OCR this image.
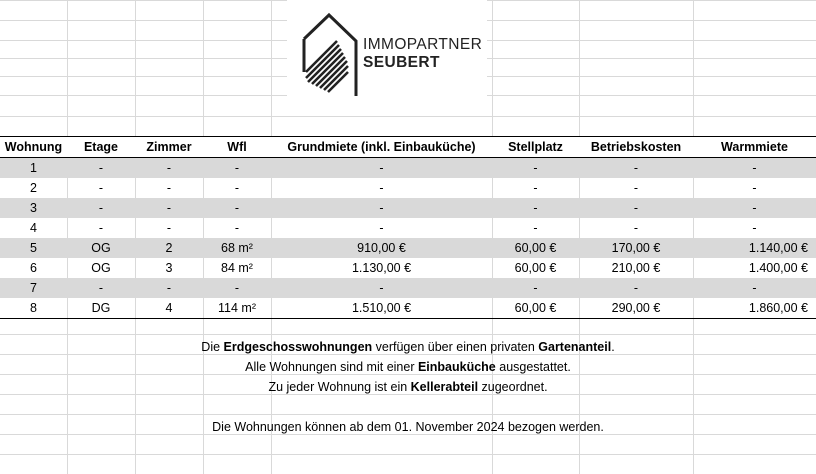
IMMOPARTNER
SEUBERT
Wohnung	Etage	Zimmer	Wfl	Grundmiete (inkl. Einbauküche)	Stellplatz	Betriebskosten	Warmmiete
1	-	-	-	-	-	-	-
2	-	-	-	-	-	-	-
3	-	-	-	-	-	-	-
4	-	-	-	-	-	-	-
5	OG	2	68 m²	910,00 €	60,00 €	170,00 €	1.140,00 €
6	OG	3	84 m²	1.130,00 €	60,00 €	210,00 €	1.400,00 €
7	-	-	-	-	-	-	-
8	DG	4	114 m²	1.510,00 €	60,00 €	290,00 €	1.860,00 €
Die Erdgeschosswohnungen verfügen über einen privaten Gartenanteil.
Alle Wohnungen sind mit einer Einbauküche ausgestattet.
Zu jeder Wohnung ist ein Kellerabteil zugeordnet.
Die Wohnungen können ab dem 01. November 2024 bezogen werden.
